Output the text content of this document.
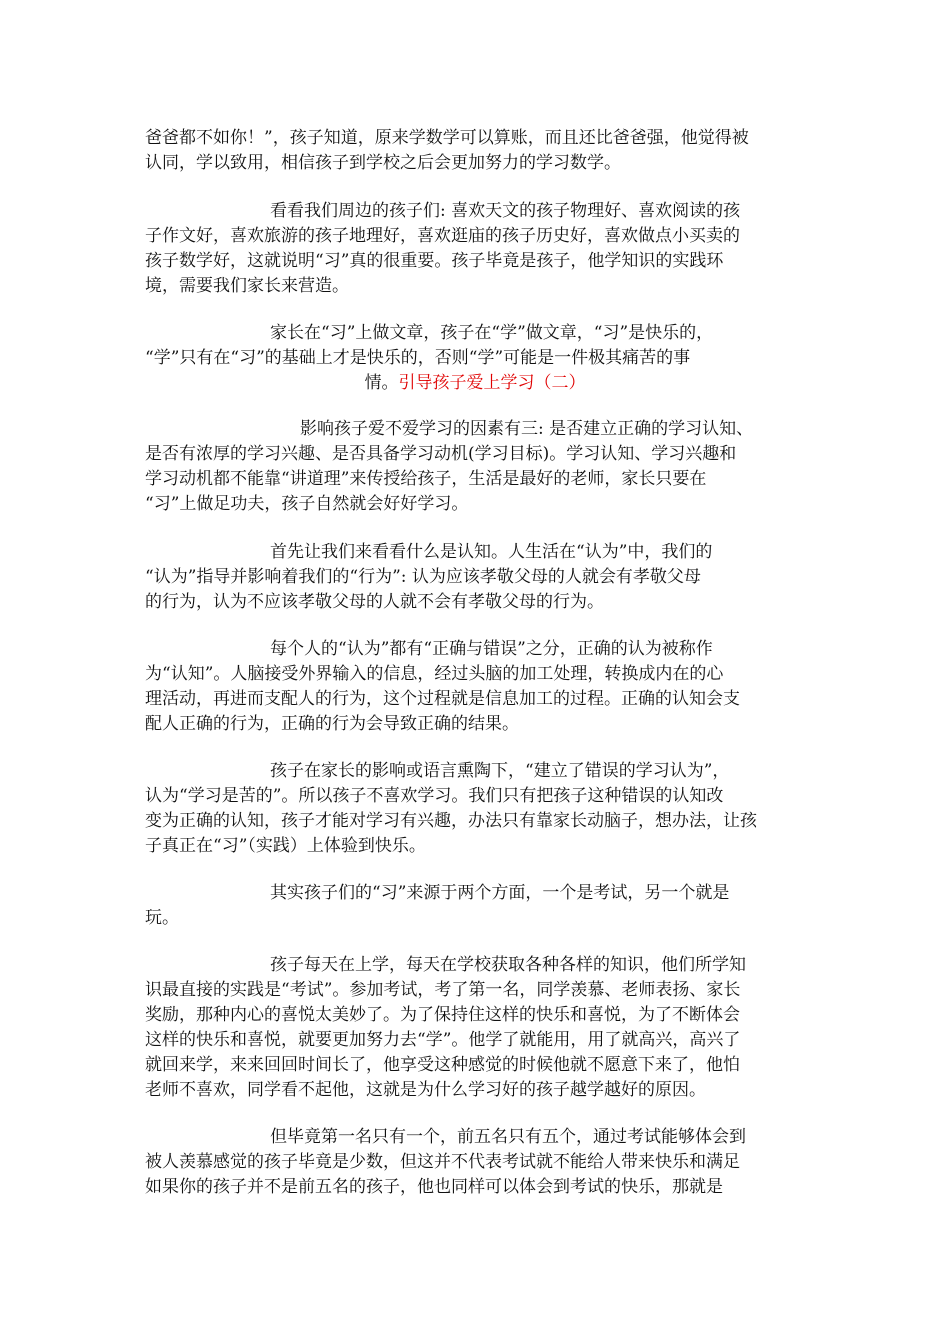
爸爸都不如你！”，孩子知道，原来学数学可以算账，而且还比爸爸强，他觉得被
认同，学以致用，相信孩子到学校之后会更加努力的学习数学。
看看我们周边的孩子们: 喜欢天文的孩子物理好、喜欢阅读的孩
子作文好，喜欢旅游的孩子地理好，喜欢逛庙的孩子历史好，喜欢做点小买卖的
孩子数学好，这就说明“习”真的很重要。孩子毕竟是孩子，他学知识的实践环
境，需要我们家长来营造。
家长在“习”上做文章，孩子在“学”做文章，“习”是快乐的，
“学”只有在“习”的基础上才是快乐的，否则“学”可能是一件极其痛苦的事
情。引导孩子爱上学习（二）
影响孩子爱不爱学习的因素有三: 是否建立正确的学习认知、
是否有浓厚的学习兴趣、是否具备学习动机(学习目标)。学习认知、学习兴趣和
学习动机都不能靠“讲道理”来传授给孩子，生活是最好的老师，家长只要在
“习”上做足功夫，孩子自然就会好好学习。
首先让我们来看看什么是认知。人生活在“认为”中，我们的
“认为”指导并影响着我们的“行为”: 认为应该孝敬父母的人就会有孝敬父母
的行为，认为不应该孝敬父母的人就不会有孝敬父母的行为。
每个人的“认为”都有“正确与错误”之分，正确的认为被称作
为“认知”。人脑接受外界输入的信息，经过头脑的加工处理，转换成内在的心
理活动，再进而支配人的行为，这个过程就是信息加工的过程。正确的认知会支
配人正确的行为，正确的行为会导致正确的结果。
孩子在家长的影响或语言熏陶下，“建立了错误的学习认为”，
认为“学习是苦的”。所以孩子不喜欢学习。我们只有把孩子这种错误的认知改
变为正确的认知，孩子才能对学习有兴趣，办法只有靠家长动脑子，想办法，让孩
子真正在“习”（实践）上体验到快乐。
其实孩子们的“习”来源于两个方面，一个是考试，另一个就是
玩。
孩子每天在上学，每天在学校获取各种各样的知识，他们所学知
识最直接的实践是“考试”。参加考试，考了第一名，同学羡慕、老师表扬、家长
奖励，那种内心的喜悦太美妙了。为了保持住这样的快乐和喜悦，为了不断体会
这样的快乐和喜悦，就要更加努力去“学”。他学了就能用，用了就高兴，高兴了
就回来学，来来回回时间长了，他享受这种感觉的时候他就不愿意下来了，他怕
老师不喜欢，同学看不起他，这就是为什么学习好的孩子越学越好的原因。
但毕竟第一名只有一个，前五名只有五个，通过考试能够体会到
被人羡慕感觉的孩子毕竟是少数，但这并不代表考试就不能给人带来快乐和满足
如果你的孩子并不是前五名的孩子，他也同样可以体会到考试的快乐，那就是
